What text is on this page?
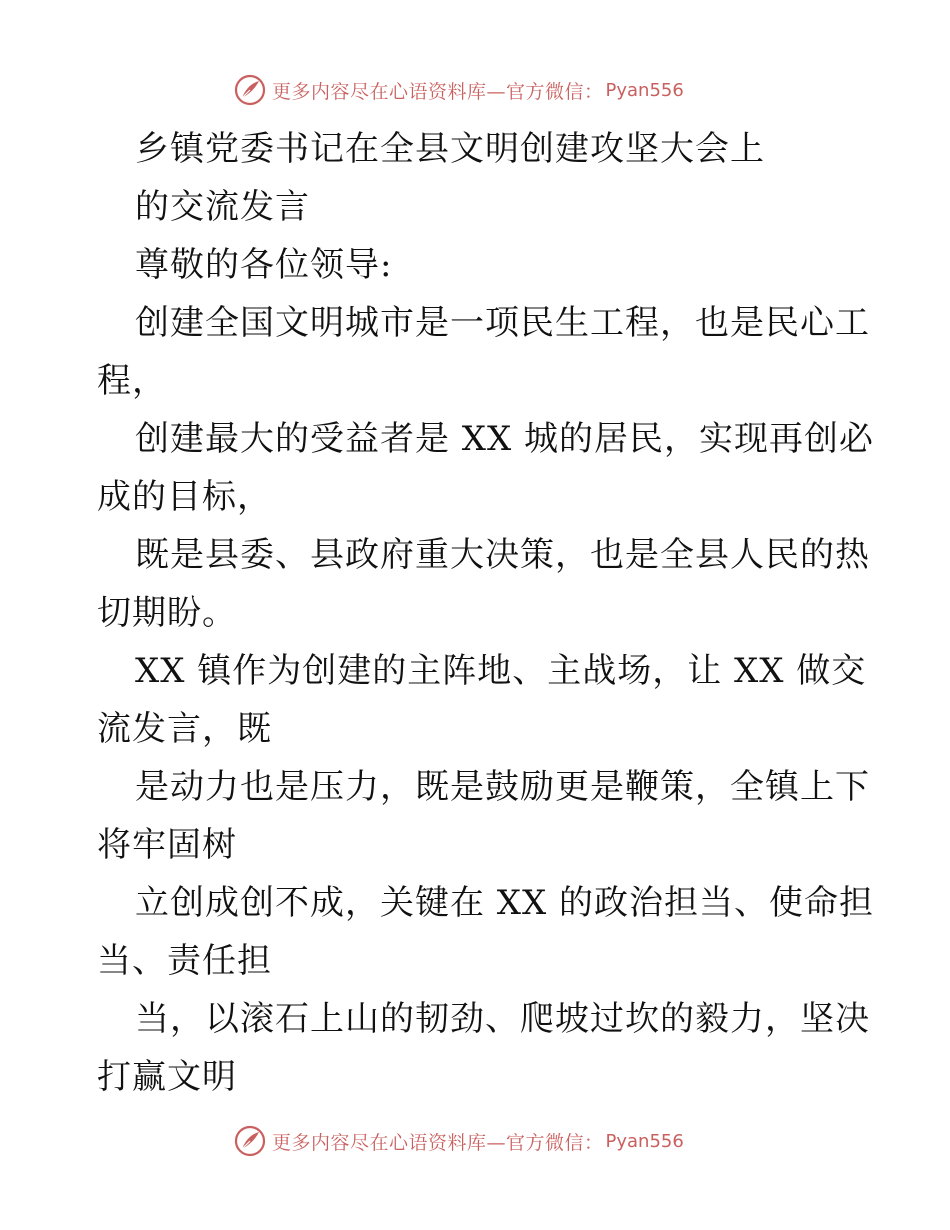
更多内容尽在心语资料库—官方微信： Pyan556
乡镇党委书记在全县文明创建攻坚大会上
的交流发言
尊敬的各位领导:
创建全国文明城市是一项民生工程，也是民心工
程，
创建最大的受益者是 XX 城的居民，实现再创必
成的目标，
既是县委、县政府重大决策，也是全县人民的热
切期盼。
XX 镇作为创建的主阵地、主战场，让 XX 做交
流发言，既
是动力也是压力，既是鼓励更是鞭策，全镇上下
将牢固树
立创成创不成，关键在 XX 的政治担当、使命担
当、责任担
当，以滚石上山的韧劲、爬坡过坎的毅力，坚决
打赢文明
更多内容尽在心语资料库—官方微信： Pyan556
